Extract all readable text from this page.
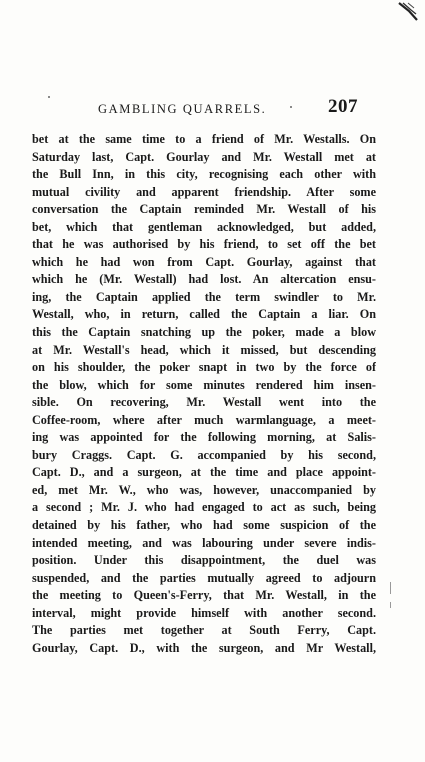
GAMBLING QUARRELS.	207
bet at the same time to a friend of Mr. Westalls. On
Saturday last, Capt. Gourlay and Mr. Westall met at
the Bull Inn, in this city, recognising each other with
mutual civility and apparent friendship. After some
conversation the Captain reminded Mr. Westall of his
bet, which that gentleman acknowledged, but added,
that he was authorised by his friend, to set off the bet
which he had won from Capt. Gourlay, against that
which he (Mr. Westall) had lost. An altercation ensu-
ing, the Captain applied the term swindler to Mr.
Westall, who, in return, called the Captain a liar. On
this the Captain snatching up the poker, made a blow
at Mr. Westall's head, which it missed, but descending
on his shoulder, the poker snapt in two by the force of
the blow, which for some minutes rendered him insen-
sible. On recovering, Mr. Westall went into the
Coffee-room, where after much warmlanguage, a meet-
ing was appointed for the following morning, at Salis-
bury Craggs. Capt. G. accompanied by his second,
Capt. D., and a surgeon, at the time and place appoint-
ed, met Mr. W., who was, however, unaccompanied by
a second ; Mr. J. who had engaged to act as such, being
detained by his father, who had some suspicion of the
intended meeting, and was labouring under severe indis-
position. Under this disappointment, the duel was
suspended, and the parties mutually agreed to adjourn
the meeting to Queen's-Ferry, that Mr. Westall, in the
interval, might provide himself with another second.
The parties met together at South Ferry, Capt.
Gourlay, Capt. D., with the surgeon, and Mr Westall,
